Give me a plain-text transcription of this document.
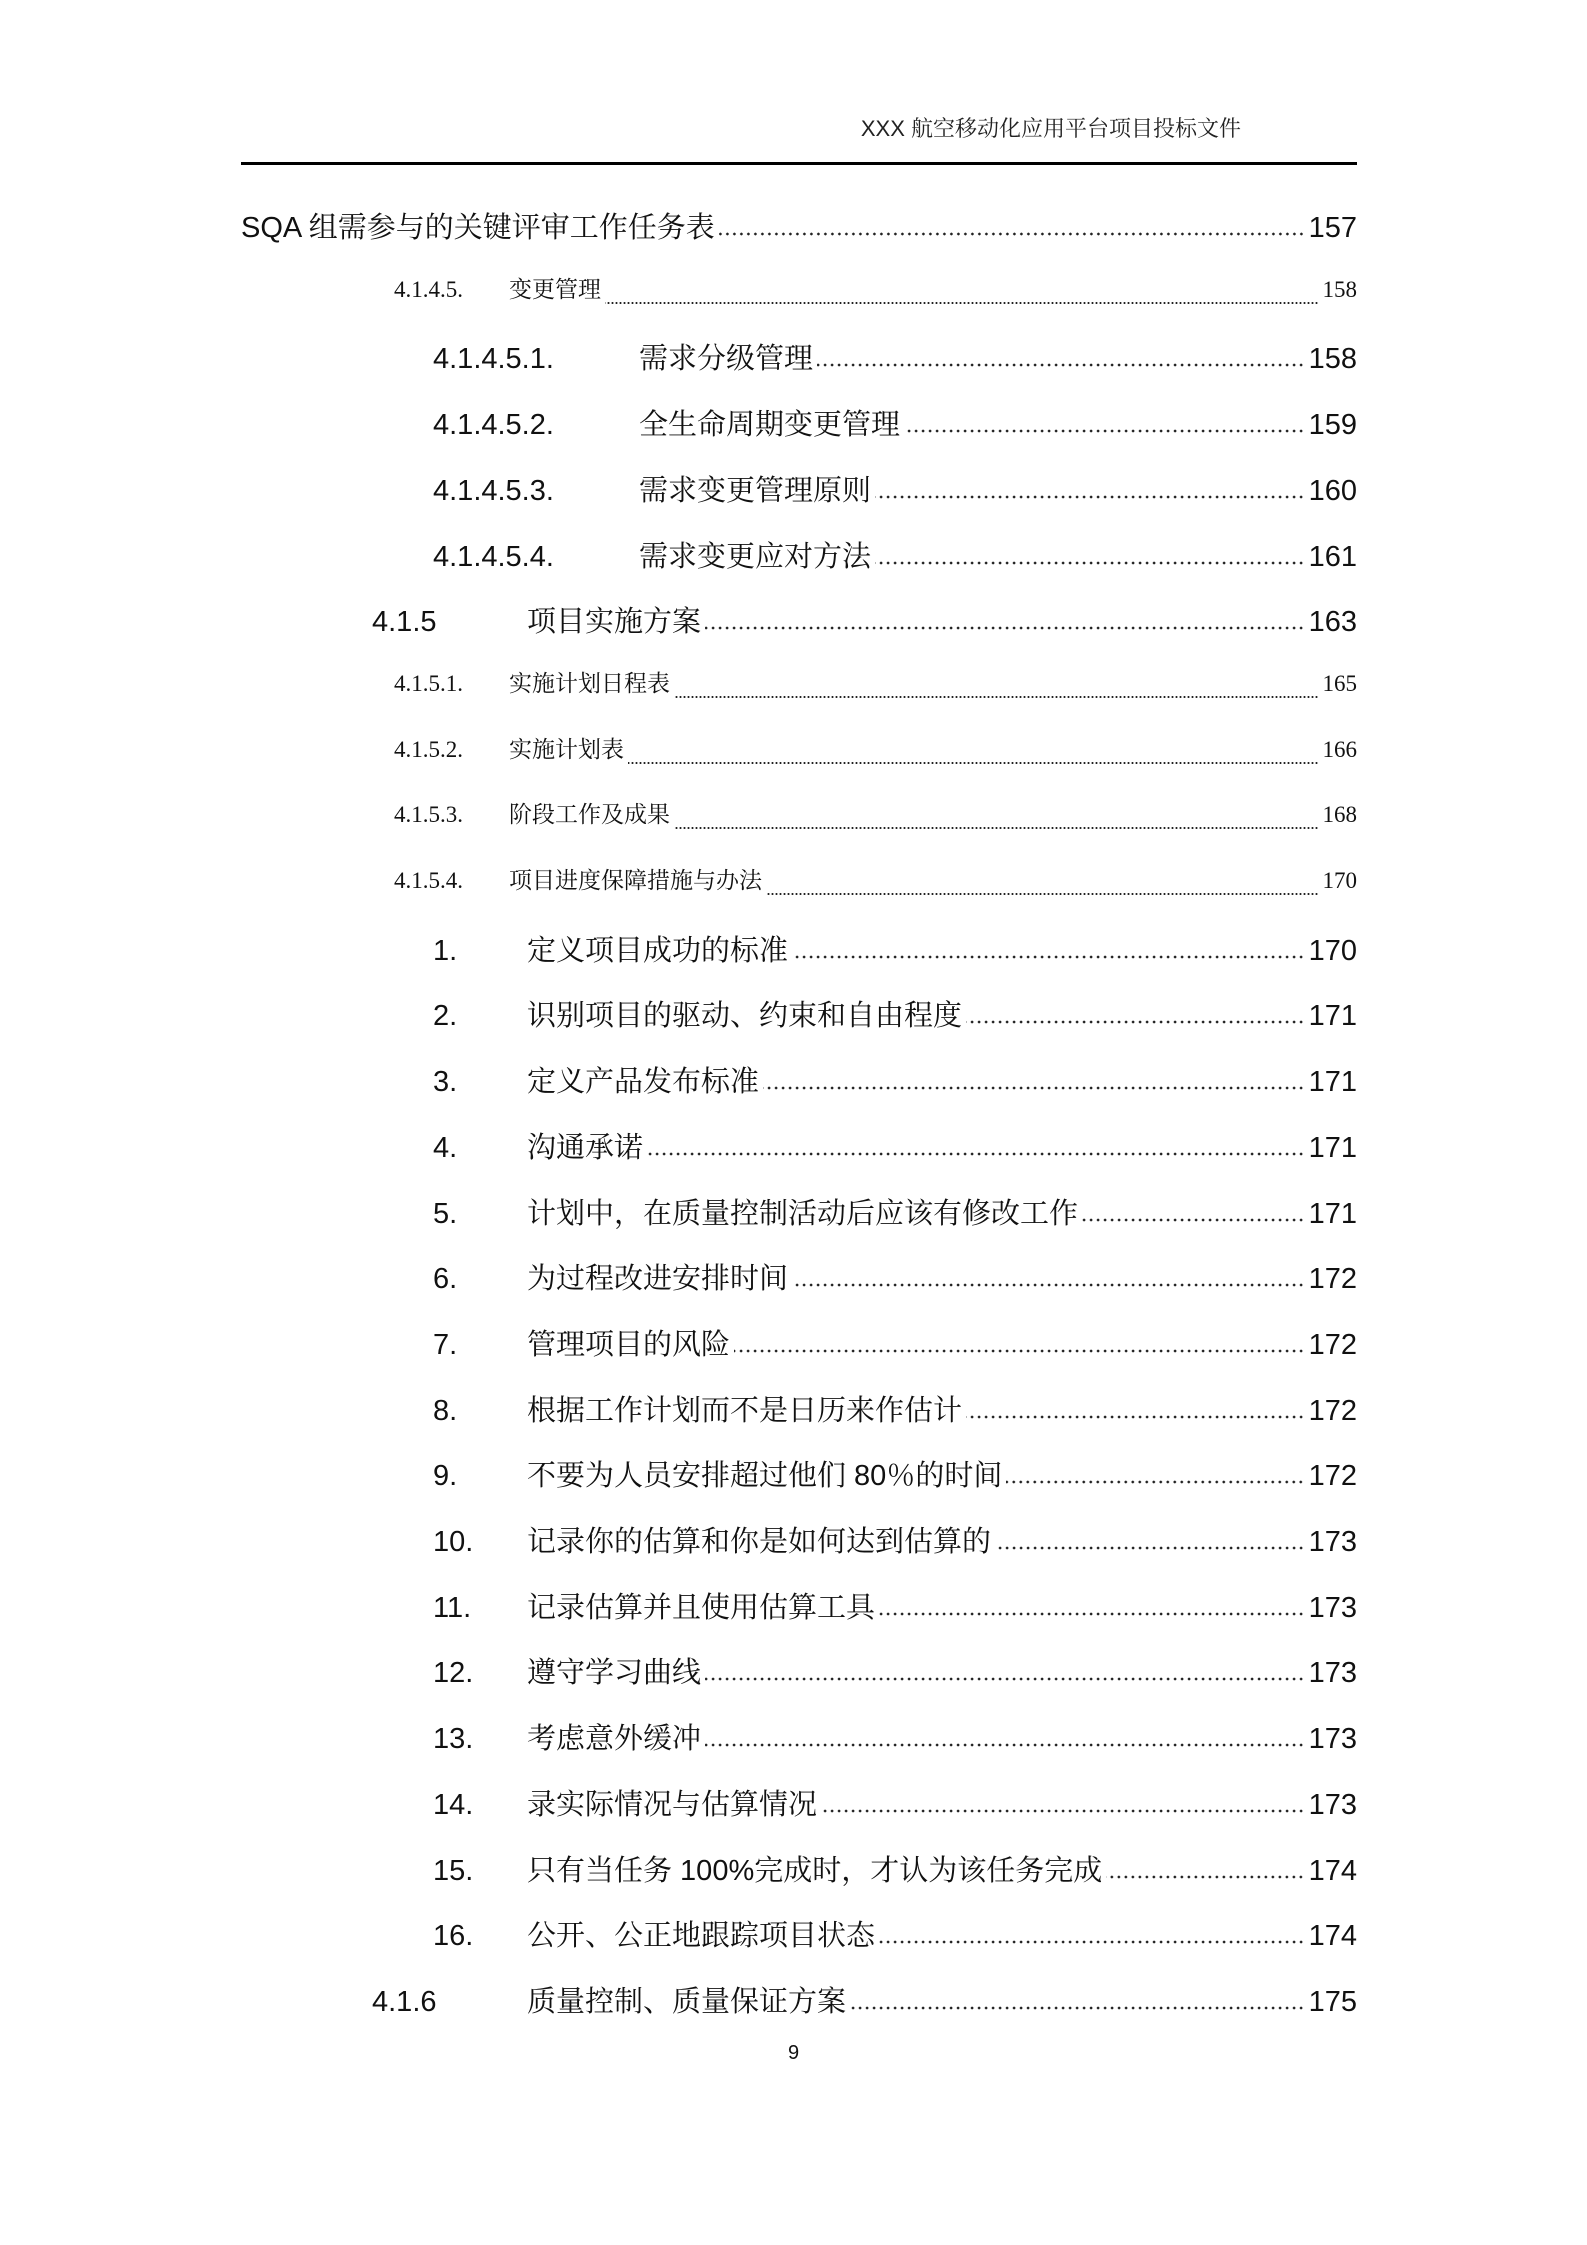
XXX 航空移动化应用平台项目投标文件
SQA 组需参与的关键评审工作任务表	157
4.1.4.5.	变更管理	158
4.1.4.5.1.	需求分级管理	158
4.1.4.5.2.	全生命周期变更管理	159
4.1.4.5.3.	需求变更管理原则	160
4.1.4.5.4.	需求变更应对方法	161
4.1.5	项目实施方案	163
4.1.5.1.	实施计划日程表	165
4.1.5.2.	实施计划表	166
4.1.5.3.	阶段工作及成果	168
4.1.5.4.	项目进度保障措施与办法	170
1.	定义项目成功的标准	170
2.	识别项目的驱动、约束和自由程度	171
3.	定义产品发布标准	171
4.	沟通承诺	171
5.	计划中，在质量控制活动后应该有修改工作	171
6.	为过程改进安排时间	172
7.	管理项目的风险	172
8.	根据工作计划而不是日历来作估计	172
9.	不要为人员安排超过他们 80％的时间	172
10.	记录你的估算和你是如何达到估算的	173
11.	记录估算并且使用估算工具	173
12.	遵守学习曲线	173
13.	考虑意外缓冲	173
14.	录实际情况与估算情况	173
15.	只有当任务 100%完成时，才认为该任务完成	174
16.	公开、公正地跟踪项目状态	174
4.1.6	质量控制、质量保证方案	175
9
